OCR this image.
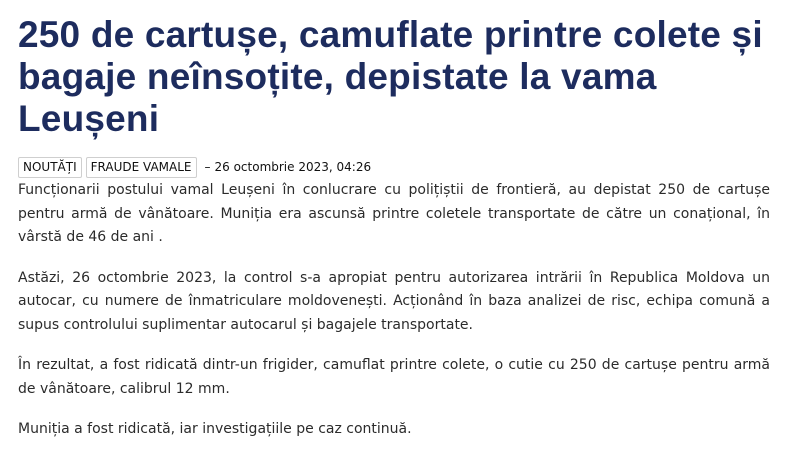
250 de cartușe, camuflate printre colete și bagaje neînsoțite, depistate la vama Leușeni
NOUTĂȚI	FRAUDE VAMALE	– 26 octombrie 2023, 04:26

Funcționarii postului vamal Leușeni în conlucrare cu polițiștii de frontieră, au depistat 250 de cartușe pentru armă de vânătoare. Muniția era ascunsă printre coletele transportate de către un conațional, în vârstă de 46 de ani .

Astăzi, 26 octombrie 2023, la control s-a apropiat pentru autorizarea intrării în Republica Moldova un autocar, cu numere de înmatriculare moldovenești. Acționând în baza analizei de risc, echipa comună a supus controlului suplimentar autocarul și bagajele transportate.

În rezultat, a fost ridicată dintr-un frigider, camuflat printre colete, o cutie cu 250 de cartușe pentru armă de vânătoare, calibrul 12 mm.

Muniția a fost ridicată, iar investigațiile pe caz continuă.
